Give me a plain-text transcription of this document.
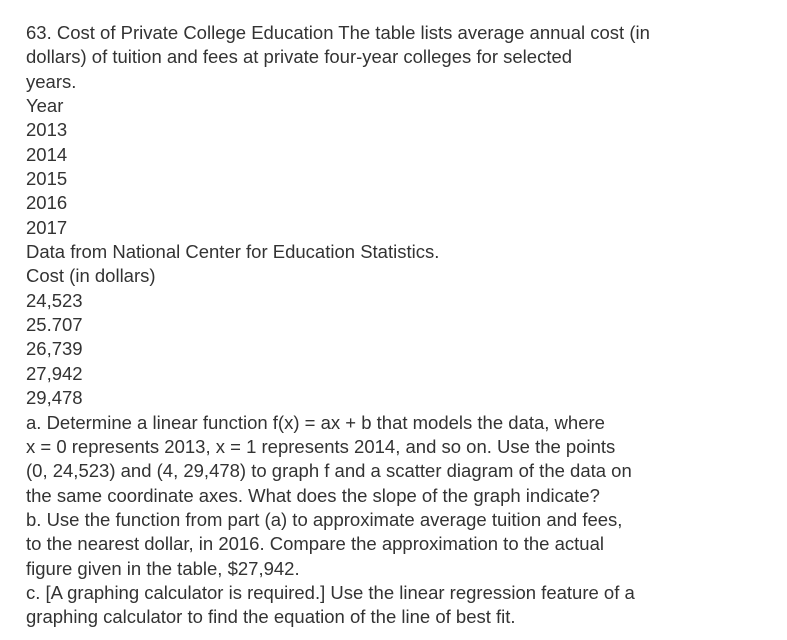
63. Cost of Private College Education The table lists average annual cost (in
dollars) of tuition and fees at private four-year colleges for selected
years.
Year
2013
2014
2015
2016
2017
Data from National Center for Education Statistics.
Cost (in dollars)
24,523
25.707
26,739
27,942
29,478
a. Determine a linear function f(x) = ax + b that models the data, where
x = 0 represents 2013, x = 1 represents 2014, and so on. Use the points
(0, 24,523) and (4, 29,478) to graph f and a scatter diagram of the data on
the same coordinate axes. What does the slope of the graph indicate?
b. Use the function from part (a) to approximate average tuition and fees,
to the nearest dollar, in 2016. Compare the approximation to the actual
figure given in the table, $27,942.
c. [A graphing calculator is required.] Use the linear regression feature of a
graphing calculator to find the equation of the line of best fit.
